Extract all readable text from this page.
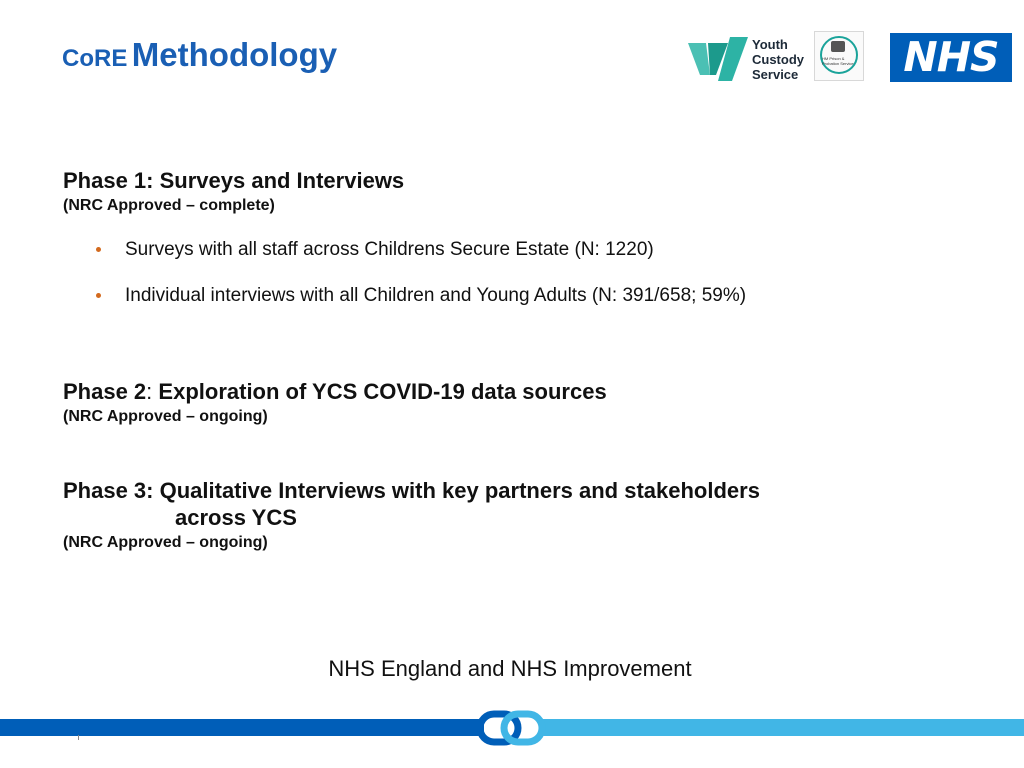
CoRE Methodology	Youth
Custody
Service
HM Prison & Probation Service	NHS
Phase 1: Surveys and Interviews
(NRC Approved – complete)
Surveys with all staff across Childrens Secure Estate (N: 1220)
Individual interviews with all Children and Young Adults (N: 391/658; 59%)
Phase 2: Exploration of YCS COVID-19 data sources
(NRC Approved – ongoing)
Phase 3: Qualitative Interviews with key partners and stakeholders
across YCS
(NRC Approved – ongoing)
NHS England and NHS Improvement
